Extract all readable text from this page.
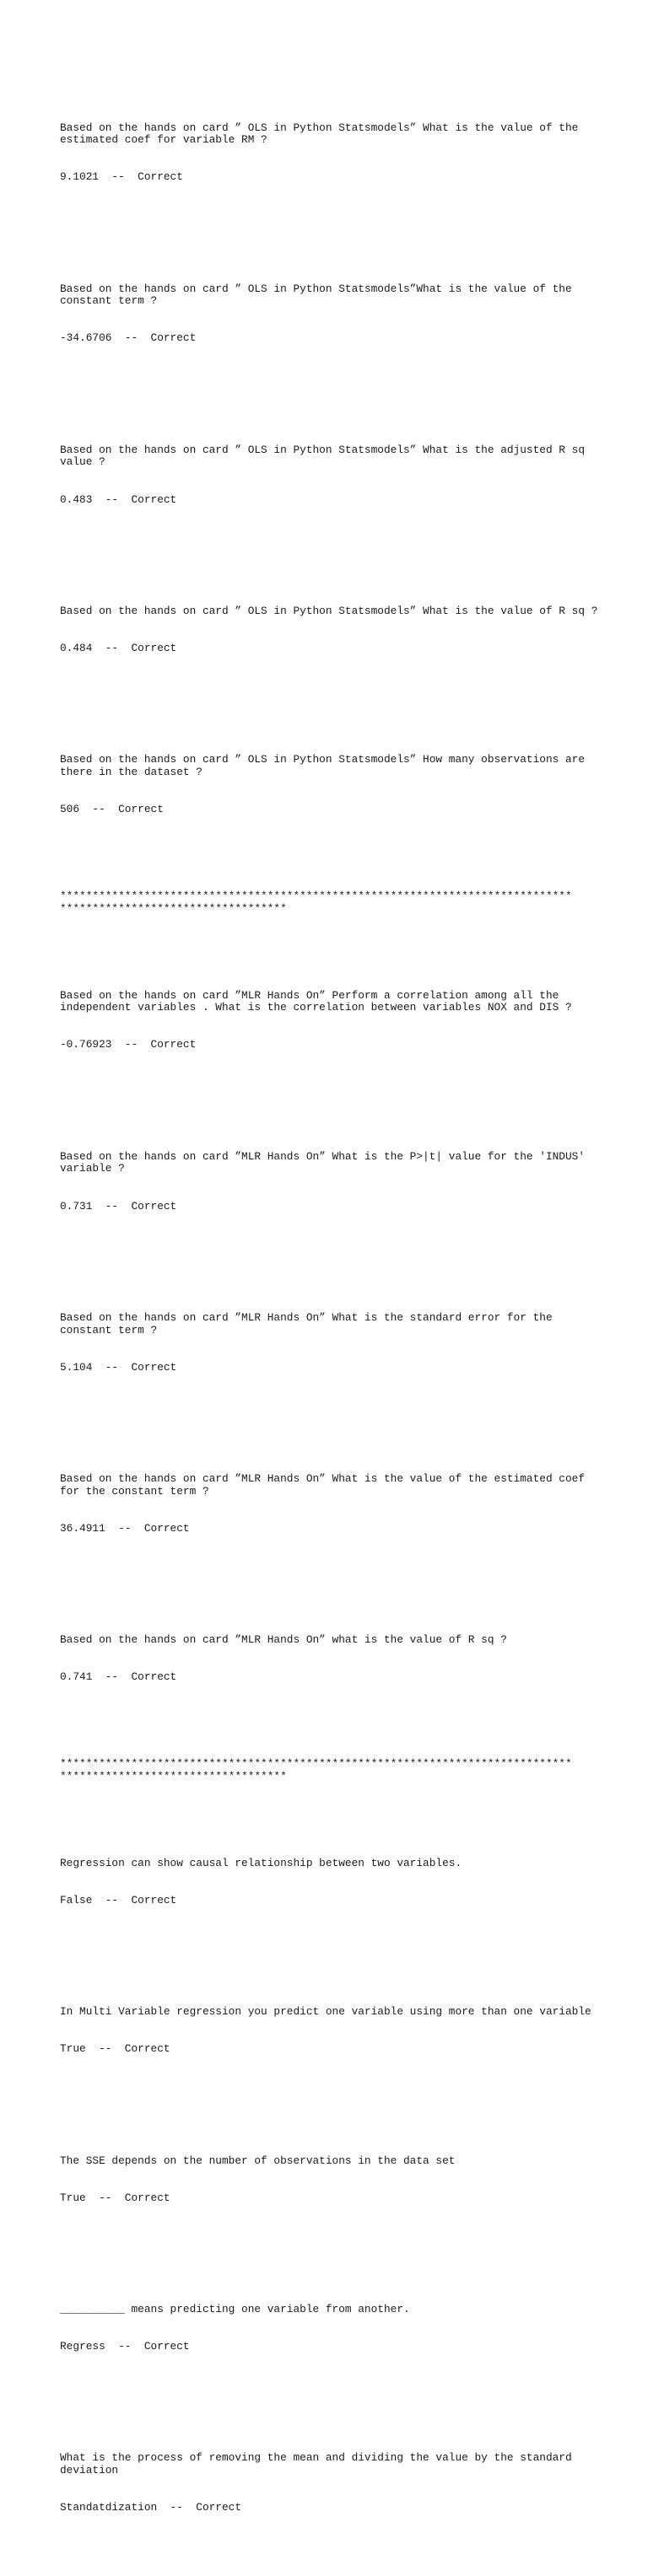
Based on the hands on card ” OLS in Python Statsmodels” What is the value of the
estimated coef for variable RM ?

9.1021  --  Correct

Based on the hands on card ” OLS in Python Statsmodels”What is the value of the
constant term ?

-34.6706  --  Correct

Based on the hands on card ” OLS in Python Statsmodels” What is the adjusted R sq
value ?

0.483  --  Correct

Based on the hands on card ” OLS in Python Statsmodels” What is the value of R sq ?

0.484  --  Correct

Based on the hands on card ” OLS in Python Statsmodels” How many observations are
there in the dataset ?

506  --  Correct

*******************************************************************************
***********************************

Based on the hands on card ”MLR Hands On” Perform a correlation among all the
independent variables . What is the correlation between variables NOX and DIS ?

-0.76923  --  Correct

Based on the hands on card ”MLR Hands On” What is the P>|t| value for the 'INDUS'
variable ?

0.731  --  Correct

Based on the hands on card ”MLR Hands On” What is the standard error for the
constant term ?

5.104  --  Correct

Based on the hands on card ”MLR Hands On” What is the value of the estimated coef
for the constant term ?

36.4911  --  Correct

Based on the hands on card ”MLR Hands On” what is the value of R sq ?

0.741  --  Correct

*******************************************************************************
***********************************

Regression can show causal relationship between two variables.

False  --  Correct

In Multi Variable regression you predict one variable using more than one variable

True  --  Correct

The SSE depends on the number of observations in the data set

True  --  Correct

__________ means predicting one variable from another.

Regress  --  Correct

What is the process of removing the mean and dividing the value by the standard
deviation

Standatdization  --  Correct
